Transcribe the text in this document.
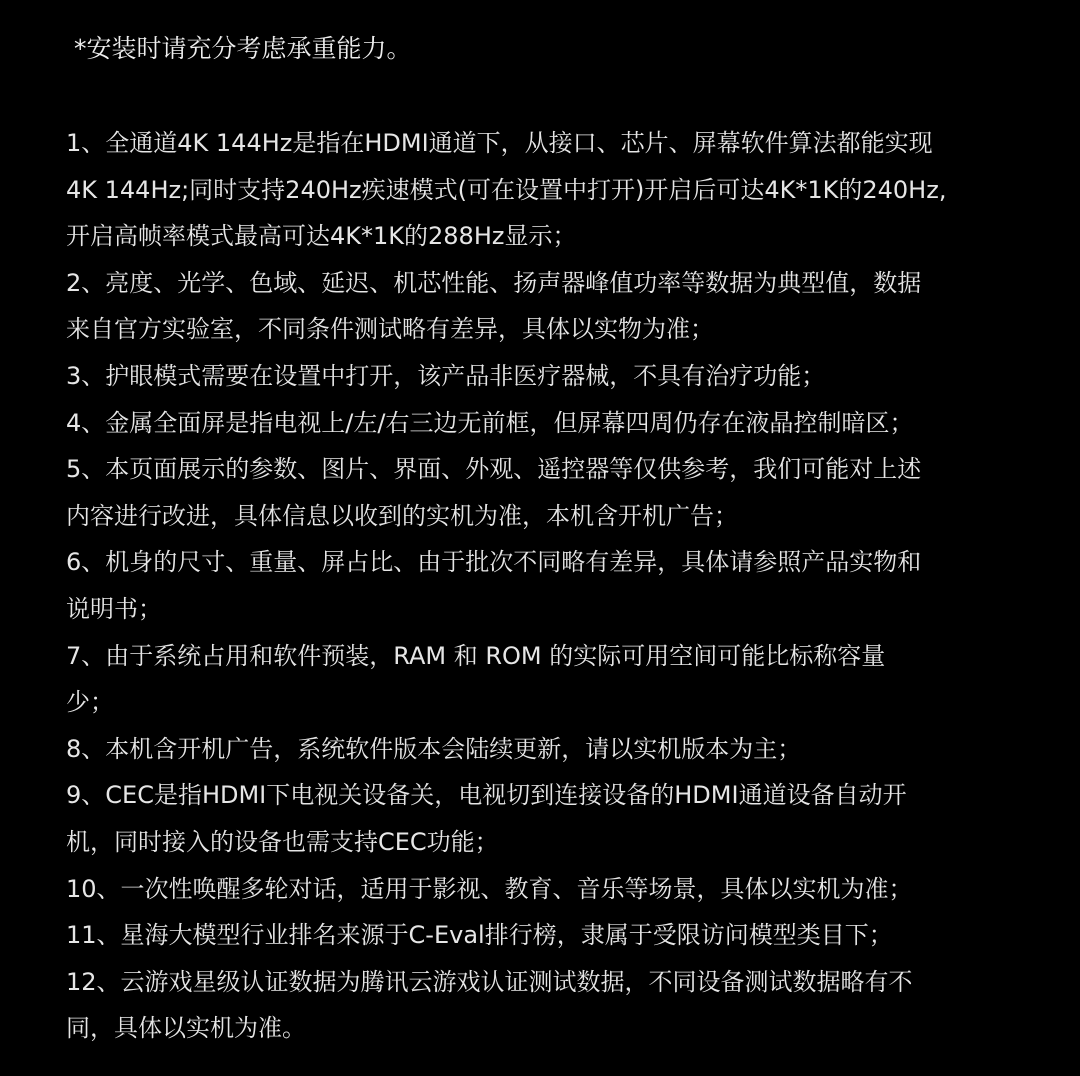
*安装时请充分考虑承重能力。
1、全通道4K 144Hz是指在HDMI通道下，从接口、芯片、屏幕软件算法都能实现
4K 144Hz;同时支持240Hz疾速模式(可在设置中打开)开启后可达4K*1K的240Hz,
开启高帧率模式最高可达4K*1K的288Hz显示；
2、亮度、光学、色域、延迟、机芯性能、扬声器峰值功率等数据为典型值，数据
来自官方实验室，不同条件测试略有差异，具体以实物为准；
3、护眼模式需要在设置中打开，该产品非医疗器械，不具有治疗功能；
4、金属全面屏是指电视上/左/右三边无前框，但屏幕四周仍存在液晶控制暗区；
5、本页面展示的参数、图片、界面、外观、遥控器等仅供参考，我们可能对上述
内容进行改进，具体信息以收到的实机为准，本机含开机广告；
6、机身的尺寸、重量、屏占比、由于批次不同略有差异，具体请参照产品实物和
说明书；
7、由于系统占用和软件预装，RAM 和 ROM 的实际可用空间可能比标称容量
少；
8、本机含开机广告，系统软件版本会陆续更新，请以实机版本为主；
9、CEC是指HDMI下电视关设备关，电视切到连接设备的HDMI通道设备自动开
机，同时接入的设备也需支持CEC功能；
10、一次性唤醒多轮对话，适用于影视、教育、音乐等场景，具体以实机为准；
11、星海大模型行业排名来源于C-Eval排行榜，隶属于受限访问模型类目下；
12、云游戏星级认证数据为腾讯云游戏认证测试数据，不同设备测试数据略有不
同，具体以实机为准。
